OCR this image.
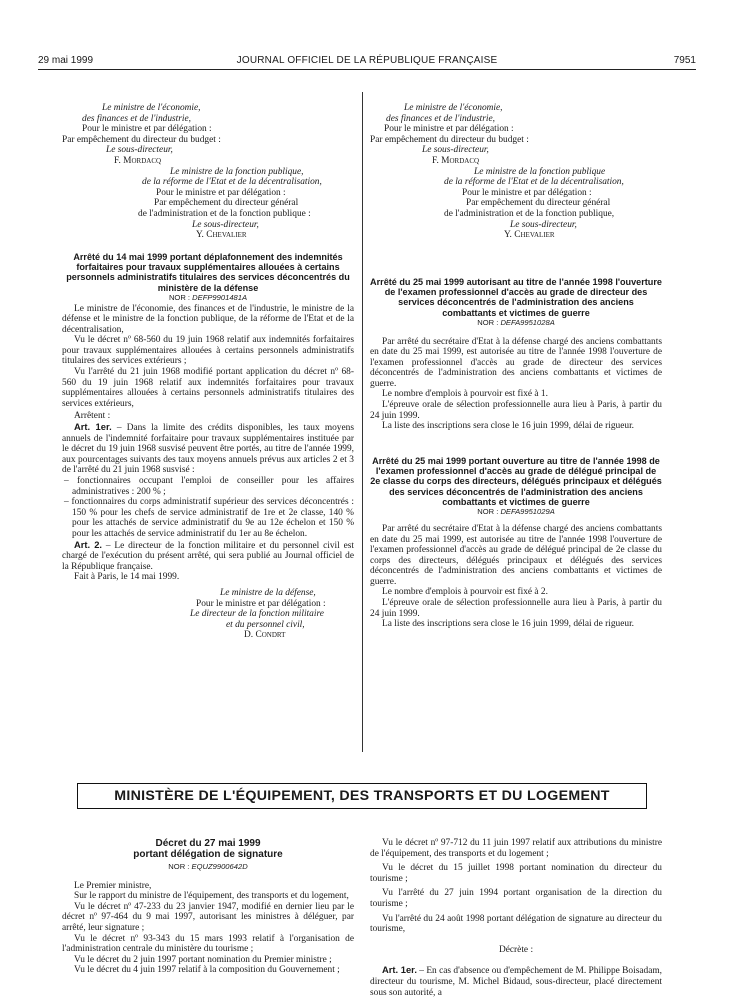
29 mai 1999	JOURNAL OFFICIEL DE LA RÉPUBLIQUE FRANÇAISE	7951

Le ministre de l'économie,

des finances et de l'industrie,

Pour le ministre et par délégation :

Par empêchement du directeur du budget :

Le sous-directeur,

F. Mordacq

Le ministre de la fonction publique,

de la réforme de l'Etat et de la décentralisation,

Pour le ministre et par délégation :

Par empêchement du directeur général

de l'administration et de la fonction publique :

Le sous-directeur,

Y. Chevalier

Arrêté du 14 mai 1999 portant déplafonnement des indemnités forfaitaires pour travaux supplémentaires allouées à certains personnels administratifs titulaires des services déconcentrés du ministère de la défense

NOR : DEFP9901481A

Le ministre de l'économie, des finances et de l'industrie, le ministre de la défense et le ministre de la fonction publique, de la réforme de l'Etat et de la décentralisation,

Vu le décret nº 68-560 du 19 juin 1968 relatif aux indemnités forfaitaires pour travaux supplémentaires allouées à certains personnels administratifs titulaires des services extérieurs ;

Vu l'arrêté du 21 juin 1968 modifié portant application du décret nº 68-560 du 19 juin 1968 relatif aux indemnités forfaitaires pour travaux supplémentaires allouées à certains personnels administratifs titulaires des services extérieurs,

Arrêtent :

Art. 1er. – Dans la limite des crédits disponibles, les taux moyens annuels de l'indemnité forfaitaire pour travaux supplémentaires instituée par le décret du 19 juin 1968 susvisé peuvent être portés, au titre de l'année 1999, aux pourcentages suivants des taux moyens annuels prévus aux articles 2 et 3 de l'arrêté du 21 juin 1968 susvisé :

– fonctionnaires occupant l'emploi de conseiller pour les affaires administratives : 200 % ;

– fonctionnaires du corps administratif supérieur des services déconcentrés : 150 % pour les chefs de service administratif de 1re et 2e classe, 140 % pour les attachés de service administratif du 9e au 12e échelon et 150 % pour les attachés de service administratif du 1er au 8e échelon.

Art. 2. – Le directeur de la fonction militaire et du personnel civil est chargé de l'exécution du présent arrêté, qui sera publié au Journal officiel de la République française.

Fait à Paris, le 14 mai 1999.

Le ministre de la défense,

Pour le ministre et par délégation :

Le directeur de la fonction militaire

et du personnel civil,

D. Condrt

Le ministre de l'économie,

des finances et de l'industrie,

Pour le ministre et par délégation :

Par empêchement du directeur du budget :

Le sous-directeur,

F. Mordacq

Le ministre de la fonction publique

de la réforme de l'Etat et de la décentralisation,

Pour le ministre et par délégation :

Par empêchement du directeur général

de l'administration et de la fonction publique,

Le sous-directeur,

Y. Chevalier

Arrêté du 25 mai 1999 autorisant au titre de l'année 1998 l'ouverture de l'examen professionnel d'accès au grade de directeur des services déconcentrés de l'administration des anciens combattants et victimes de guerre

NOR : DEFA9951028A

Par arrêté du secrétaire d'Etat à la défense chargé des anciens combattants en date du 25 mai 1999, est autorisée au titre de l'année 1998 l'ouverture de l'examen professionnel d'accès au grade de directeur des services déconcentrés de l'administration des anciens combattants et victimes de guerre.

Le nombre d'emplois à pourvoir est fixé à 1.

L'épreuve orale de sélection professionnelle aura lieu à Paris, à partir du 24 juin 1999.

La liste des inscriptions sera close le 16 juin 1999, délai de rigueur.

Arrêté du 25 mai 1999 portant ouverture au titre de l'année 1998 de l'examen professionnel d'accès au grade de délégué principal de 2e classe du corps des directeurs, délégués principaux et délégués des services déconcentrés de l'administration des anciens combattants et victimes de guerre

NOR : DEFA9951029A

Par arrêté du secrétaire d'Etat à la défense chargé des anciens combattants en date du 25 mai 1999, est autorisée au titre de l'année 1998 l'ouverture de l'examen professionnel d'accès au grade de délégué principal de 2e classe du corps des directeurs, délégués principaux et délégués des services déconcentrés de l'administration des anciens combattants et victimes de guerre.

Le nombre d'emplois à pourvoir est fixé à 2.

L'épreuve orale de sélection professionnelle aura lieu à Paris, à partir du 24 juin 1999.

La liste des inscriptions sera close le 16 juin 1999, délai de rigueur.

MINISTÈRE DE L'ÉQUIPEMENT, DES TRANSPORTS ET DU LOGEMENT

Décret du 27 mai 1999

portant délégation de signature

NOR : EQUZ9900642D

Le Premier ministre,

Sur le rapport du ministre de l'équipement, des transports et du logement,

Vu le décret nº 47-233 du 23 janvier 1947, modifié en dernier lieu par le décret nº 97-464 du 9 mai 1997, autorisant les ministres à déléguer, par arrêté, leur signature ;

Vu le décret nº 93-343 du 15 mars 1993 relatif à l'organisation de l'administration centrale du ministère du tourisme ;

Vu le décret du 2 juin 1997 portant nomination du Premier ministre ;

Vu le décret du 4 juin 1997 relatif à la composition du Gouvernement ;

Vu le décret nº 97-712 du 11 juin 1997 relatif aux attributions du ministre de l'équipement, des transports et du logement ;

Vu le décret du 15 juillet 1998 portant nomination du directeur du tourisme ;

Vu l'arrêté du 27 juin 1994 portant organisation de la direction du tourisme ;

Vu l'arrêté du 24 août 1998 portant délégation de signature au directeur du tourisme,

Décrète :

Art. 1er. – En cas d'absence ou d'empêchement de M. Philippe Boisadam, directeur du tourisme, M. Michel Bidaud, sous-directeur, placé directement sous son autorité, a
